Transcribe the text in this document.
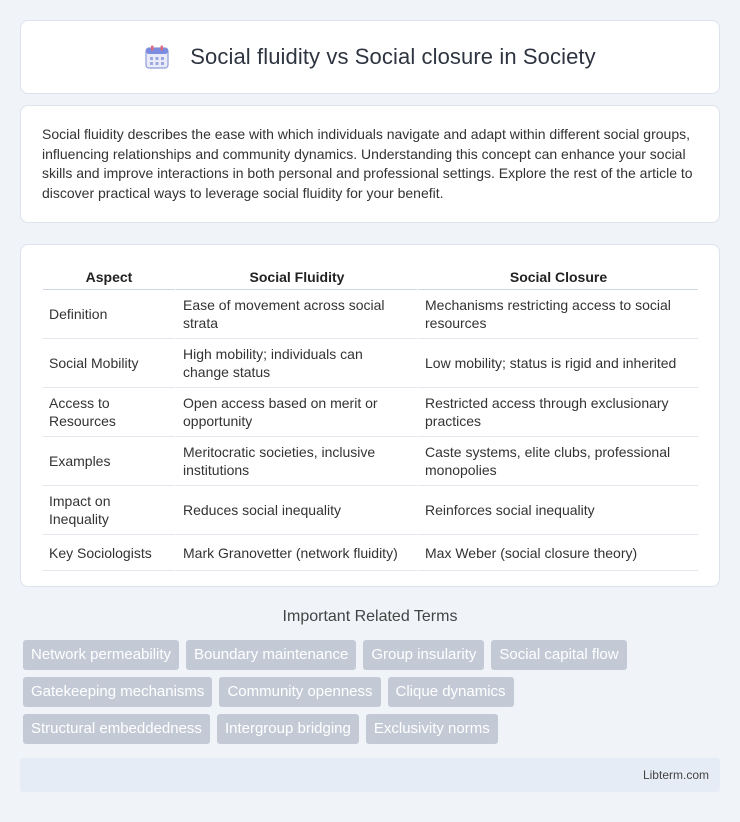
Social fluidity vs Social closure in Society

Social fluidity describes the ease with which individuals navigate and adapt within different social groups, influencing relationships and community dynamics. Understanding this concept can enhance your social skills and improve interactions in both personal and professional settings. Explore the rest of the article to discover practical ways to leverage social fluidity for your benefit.

Aspect	Social Fluidity	Social Closure
Definition	Ease of movement across social strata	Mechanisms restricting access to social resources
Social Mobility	High mobility; individuals can change status	Low mobility; status is rigid and inherited
Access to Resources	Open access based on merit or opportunity	Restricted access through exclusionary practices
Examples	Meritocratic societies, inclusive institutions	Caste systems, elite clubs, professional monopolies
Impact on Inequality	Reduces social inequality	Reinforces social inequality
Key Sociologists	Mark Granovetter (network fluidity)	Max Weber (social closure theory)
Important Related Terms
Network permeability	Boundary maintenance	Group insularity	Social capital flow
Gatekeeping mechanisms	Community openness	Clique dynamics
Structural embeddedness	Intergroup bridging	Exclusivity norms
Libterm.com
